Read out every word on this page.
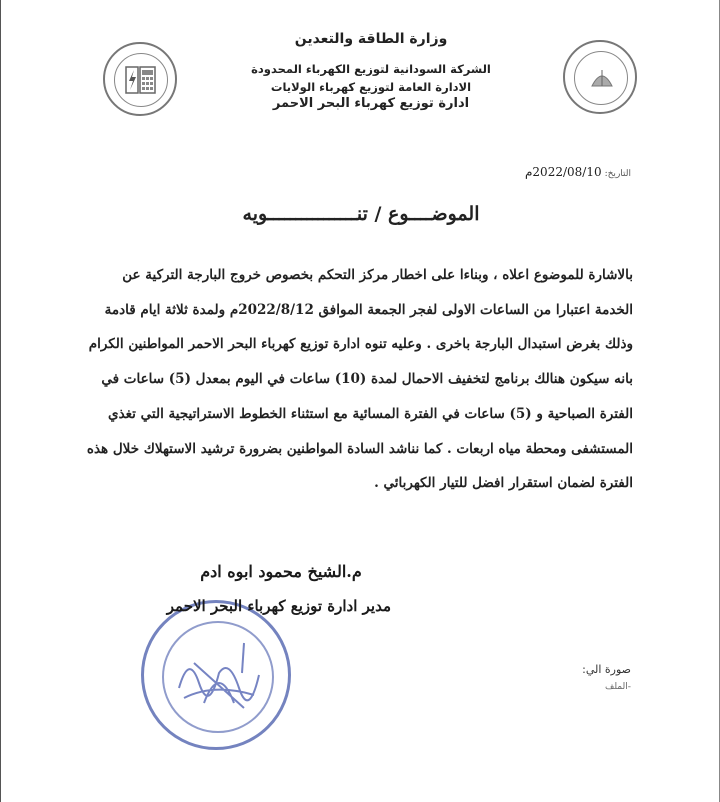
وزارة الطاقة والتعدين
الشركة السودانية لتوزيع الكهرباء المحدودة
الادارة العامة لتوزيع كهرباء الولايات
ادارة توزيع كهرباء البحر الاحمر
التاريخ:2022/08/10م
الموضــــوع / تنــــــــــــــــويه
بالاشارة للموضوع اعلاه ، وبناءا على اخطار مركز التحكم بخصوص خروج البارجة التركية عن
الخدمة اعتبارا من الساعات الاولى لفجر الجمعة الموافق 2022/8/12م ولمدة ثلاثة ايام قادمة
وذلك بغرض استبدال البارجة باخرى . وعليه تنوه ادارة توزيع كهرباء البحر الاحمر المواطنين الكرام
بانه سيكون هنالك برنامج لتخفيف الاحمال لمدة (10) ساعات في اليوم بمعدل (5) ساعات في
الفترة الصباحية و (5) ساعات في الفترة المسائية مع استثناء الخطوط الاستراتيجية التي تغذي
المستشفى ومحطة مياه اربعات . كما نناشد السادة المواطنين بضرورة ترشيد الاستهلاك خلال هذه
الفترة لضمان استقرار افضل للتيار الكهربائي .
م.الشيخ محمود ابوه ادم
مدير ادارة توزيع كهرباء البحر الاحمر
صورة الي:
-الملف
